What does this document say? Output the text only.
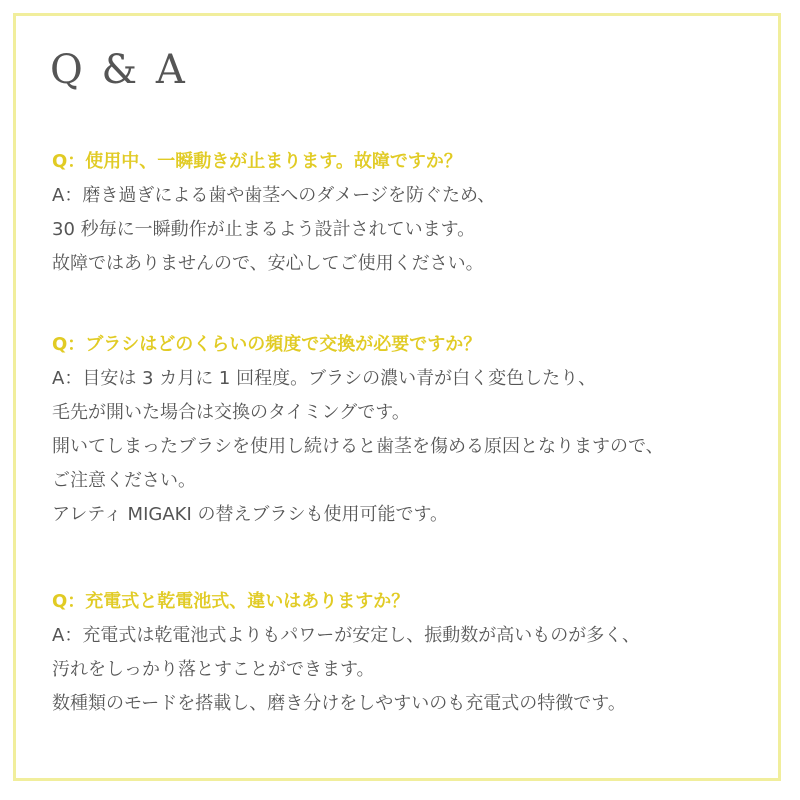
Q & A

Q：使用中、一瞬動きが止まります。故障ですか？

A：磨き過ぎによる歯や歯茎へのダメージを防ぐため、

30 秒毎に一瞬動作が止まるよう設計されています。

故障ではありませんので、安心してご使用ください。

Q：ブラシはどのくらいの頻度で交換が必要ですか？

A：目安は 3 カ月に 1 回程度。ブラシの濃い青が白く変色したり、

毛先が開いた場合は交換のタイミングです。

開いてしまったブラシを使用し続けると歯茎を傷める原因となりますので、

ご注意ください。

アレティ MIGAKI の替えブラシも使用可能です。

Q：充電式と乾電池式、違いはありますか？

A：充電式は乾電池式よりもパワーが安定し、振動数が高いものが多く、

汚れをしっかり落とすことができます。

数種類のモードを搭載し、磨き分けをしやすいのも充電式の特徴です。
